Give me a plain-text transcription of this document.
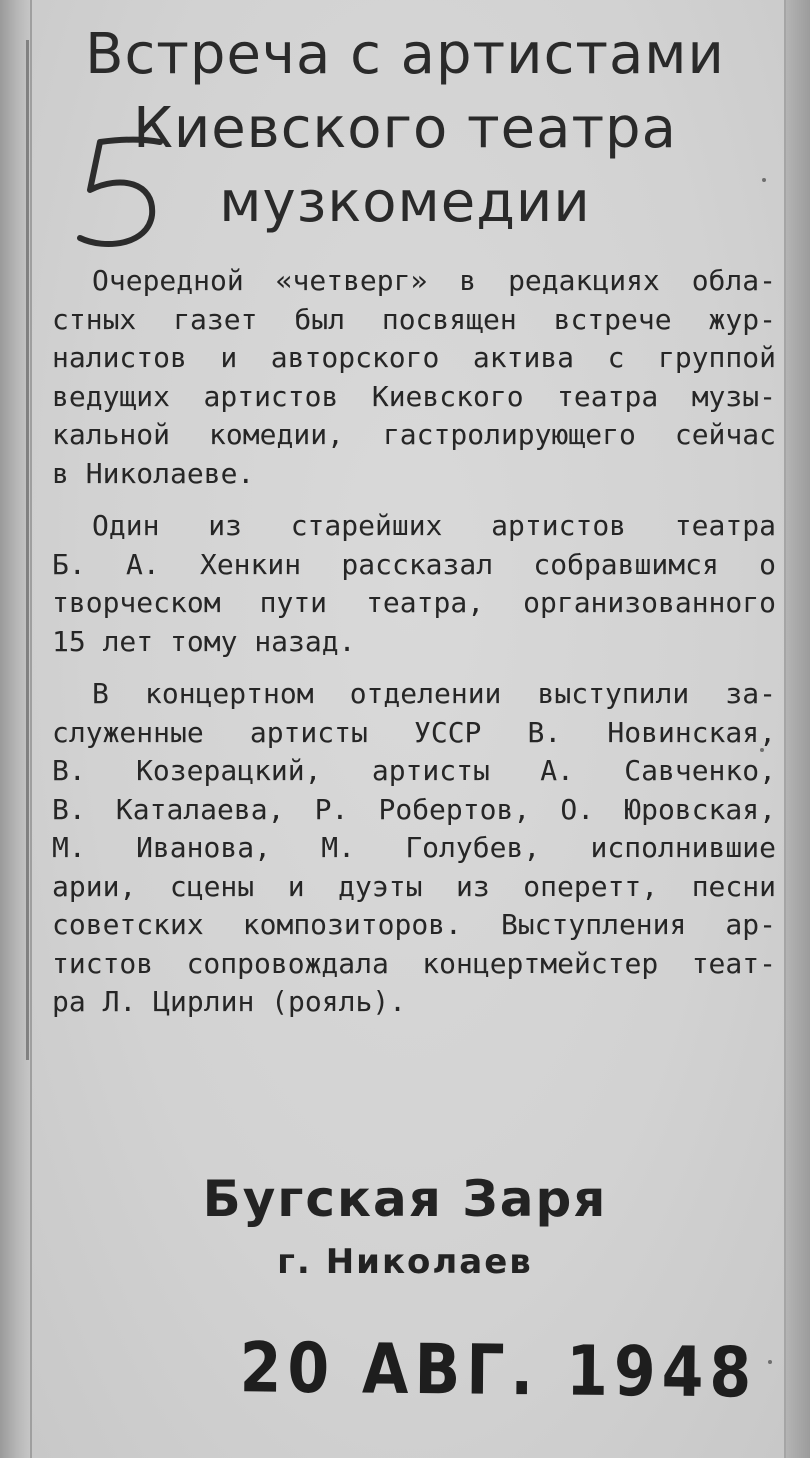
Встреча с артистами
Киевского театра
музкомедии
Очередной «четверг» в редакциях обла-
стных газет был посвящен встрече жур-
налистов и авторского актива с группой
ведущих артистов Киевского театра музы-
кальной комедии, гастролирующего сейчас
в Николаеве.
Один из старейших артистов театра
Б. А. Хенкин рассказал собравшимся о
творческом пути театра, организованного
15 лет тому назад.
В концертном отделении выступили за-
служенные артисты УССР В. Новинская,
В. Козерацкий, артисты А. Савченко,
В. Каталаева, Р. Робертов, О. Юровская,
М. Иванова, М. Голубев, исполнившие
арии, сцены и дуэты из оперетт, песни
советских композиторов. Выступления ар-
тистов сопровождала концертмейстер теат-
ра Л. Цирлин (рояль).
Бугская Заря
г. Николаев
20 АВГ. 1948
